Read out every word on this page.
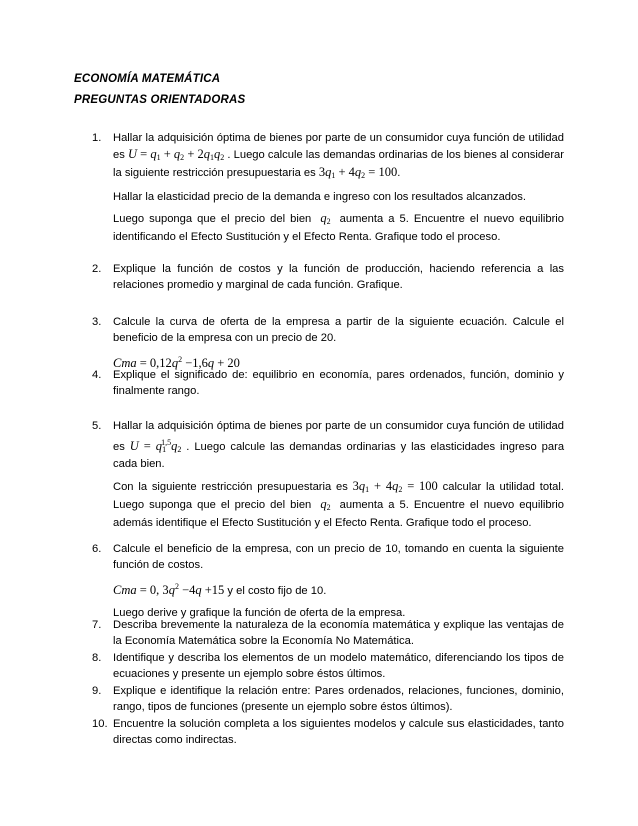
ECONOMÍA MATEMÁTICA
PREGUNTAS ORIENTADORAS
1. Hallar la adquisición óptima de bienes por parte de un consumidor cuya función de utilidad es $U = q_1 + q_2 + 2q_1q_2$ . Luego calcule las demandas ordinarias de los bienes al considerar la siguiente restricción presupuestaria es $3q_1 + 4q_2 = 100$.

Hallar la elasticidad precio de la demanda e ingreso con los resultados alcanzados.

Luego suponga que el precio del bien $q_2$ aumenta a 5. Encuentre el nuevo equilibrio identificando el Efecto Sustitución y el Efecto Renta. Grafique todo el proceso.

2. Explique la función de costos y la función de producción, haciendo referencia a las relaciones promedio y marginal de cada función. Grafique.

3. Calcule la curva de oferta de la empresa a partir de la siguiente ecuación. Calcule el beneficio de la empresa con un precio de 20.

Cma = $0,12q^2 -1,6q + 20$

4. Explique el significado de: equilibrio en economía, pares ordenados, función, dominio y finalmente rango.

5. Hallar la adquisición óptima de bienes por parte de un consumidor cuya función de utilidad es $U = q_1^{1,5}q_2$ . Luego calcule las demandas ordinarias y las elasticidades ingreso para cada bien.

Con la siguiente restricción presupuestaria es $3q_1 + 4q_2 = 100$ calcular la utilidad total. Luego suponga que el precio del bien $q_2$ aumenta a 5. Encuentre el nuevo equilibrio además identifique el Efecto Sustitución y el Efecto Renta. Grafique todo el proceso.

6. Calcule el beneficio de la empresa, con un precio de 10, tomando en cuenta la siguiente función de costos.

Cma = 0, $3q^2 -4q +15$ y el costo fijo de 10.

Luego derive y grafique la función de oferta de la empresa.

7. Describa brevemente la naturaleza de la economía matemática y explique las ventajas de la Economía Matemática sobre la Economía No Matemática.

8. Identifique y describa los elementos de un modelo matemático, diferenciando los tipos de ecuaciones y presente un ejemplo sobre éstos últimos.

9. Explique e identifique la relación entre: Pares ordenados, relaciones, funciones, dominio, rango, tipos de funciones (presente un ejemplo sobre éstos últimos).

10. Encuentre la solución completa a los siguientes modelos y calcule sus elasticidades, tanto directas como indirectas.
